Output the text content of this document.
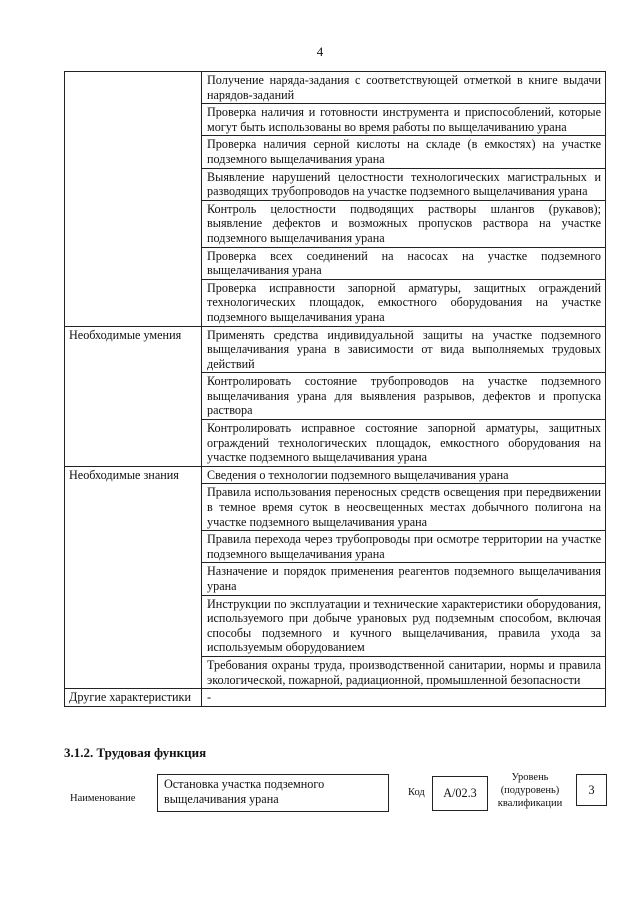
4
	Получение наряда-задания с соответствующей отметкой в книге выдачи нарядов-заданий
	Проверка наличия и готовности инструмента и приспособлений, которые могут быть использованы во время работы по выщелачиванию урана
	Проверка наличия серной кислоты на складе (в емкостях) на участке подземного выщелачивания урана
	Выявление нарушений целостности технологических магистральных и разводящих трубопроводов на участке подземного выщелачивания урана
	Контроль целостности подводящих растворы шлангов (рукавов); выявление дефектов и возможных пропусков раствора на участке подземного выщелачивания урана
	Проверка всех соединений на насосах на участке подземного выщелачивания урана
	Проверка исправности запорной арматуры, защитных ограждений технологических площадок, емкостного оборудования на участке подземного выщелачивания урана
Необходимые умения	Применять средства индивидуальной защиты на участке подземного выщелачивания урана в зависимости от вида выполняемых трудовых действий
	Контролировать состояние трубопроводов на участке подземного выщелачивания урана для выявления разрывов, дефектов и пропуска раствора
	Контролировать исправное состояние запорной арматуры, защитных ограждений технологических площадок, емкостного оборудования на участке подземного выщелачивания урана
Необходимые знания	Сведения о технологии подземного выщелачивания урана
	Правила использования переносных средств освещения при передвижении в темное время суток в неосвещенных местах добычного полигона на участке подземного выщелачивания урана
	Правила перехода через трубопроводы при осмотре территории на участке подземного выщелачивания урана
	Назначение и порядок применения реагентов подземного выщелачивания урана
	Инструкции по эксплуатации и технические характеристики оборудования, используемого при добыче урановых руд подземным способом, включая способы подземного и кучного выщелачивания, правила ухода за используемым оборудованием
	Требования охраны труда, производственной санитарии, нормы и правила экологической, пожарной, радиационной, промышленной безопасности
Другие характеристики	-
3.1.2. Трудовая функция
Наименование
Остановка участка подземного выщелачивания урана	Код	А/02.3
Уровень (подуровень) квалификации
3
